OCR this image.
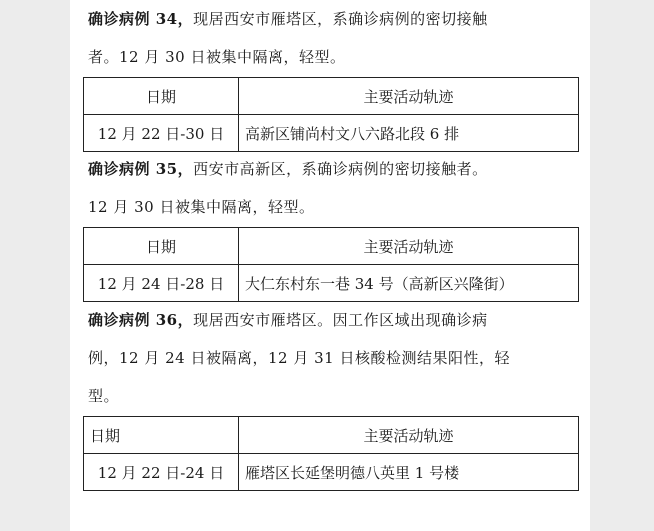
确诊病例 34，现居西安市雁塔区，系确诊病例的密切接触
者。12 月 30 日被集中隔离，轻型。
日期	主要活动轨迹
12 月 22 日-30 日	高新区铺尚村文八六路北段 6 排
确诊病例 35，西安市高新区，系确诊病例的密切接触者。
12 月 30 日被集中隔离，轻型。
日期	主要活动轨迹
12 月 24 日-28 日	大仁东村东一巷 34 号（高新区兴隆街）
确诊病例 36，现居西安市雁塔区。因工作区域出现确诊病
例，12 月 24 日被隔离，12 月 31 日核酸检测结果阳性，轻
型。
日期	主要活动轨迹
12 月 22 日-24 日	雁塔区长延堡明德八英里 1 号楼
